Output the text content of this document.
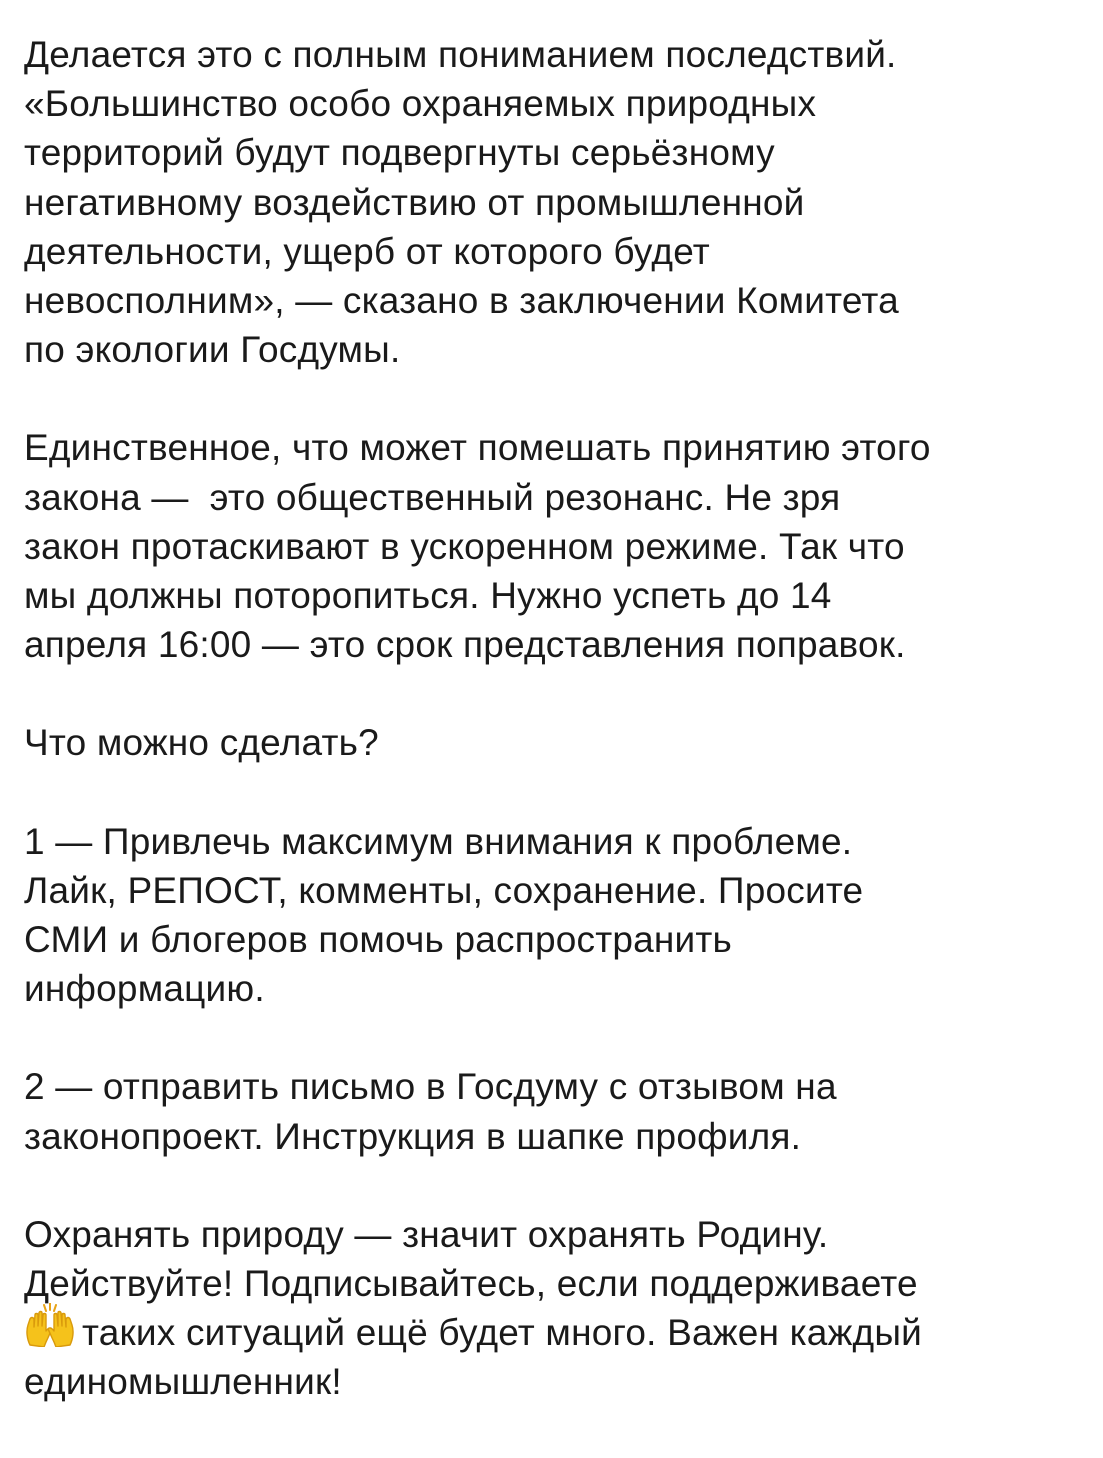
Делается это с полным пониманием последствий.
«Большинство особо охраняемых природных
территорий будут подвергнуты серьёзному
негативному воздействию от промышленной
деятельности, ущерб от которого будет
невосполним», — сказано в заключении Комитета
по экологии Госдумы.
Единственное, что может помешать принятию этого
закона —  это общественный резонанс. Не зря
закон протаскивают в ускоренном режиме. Так что
мы должны поторопиться. Нужно успеть до 14
апреля 16:00 — это срок представления поправок.
Что можно сделать?
1 — Привлечь максимум внимания к проблеме.
Лайк, РЕПОСТ, комменты, сохранение. Просите
СМИ и блогеров помочь распространить
информацию.
2 — отправить письмо в Госдуму с отзывом на
законопроект. Инструкция в шапке профиля.
Охранять природу — значит охранять Родину.
Действуйте! Подписывайтесь, если поддерживаете
таких ситуаций ещё будет много. Важен каждый
единомышленник!
